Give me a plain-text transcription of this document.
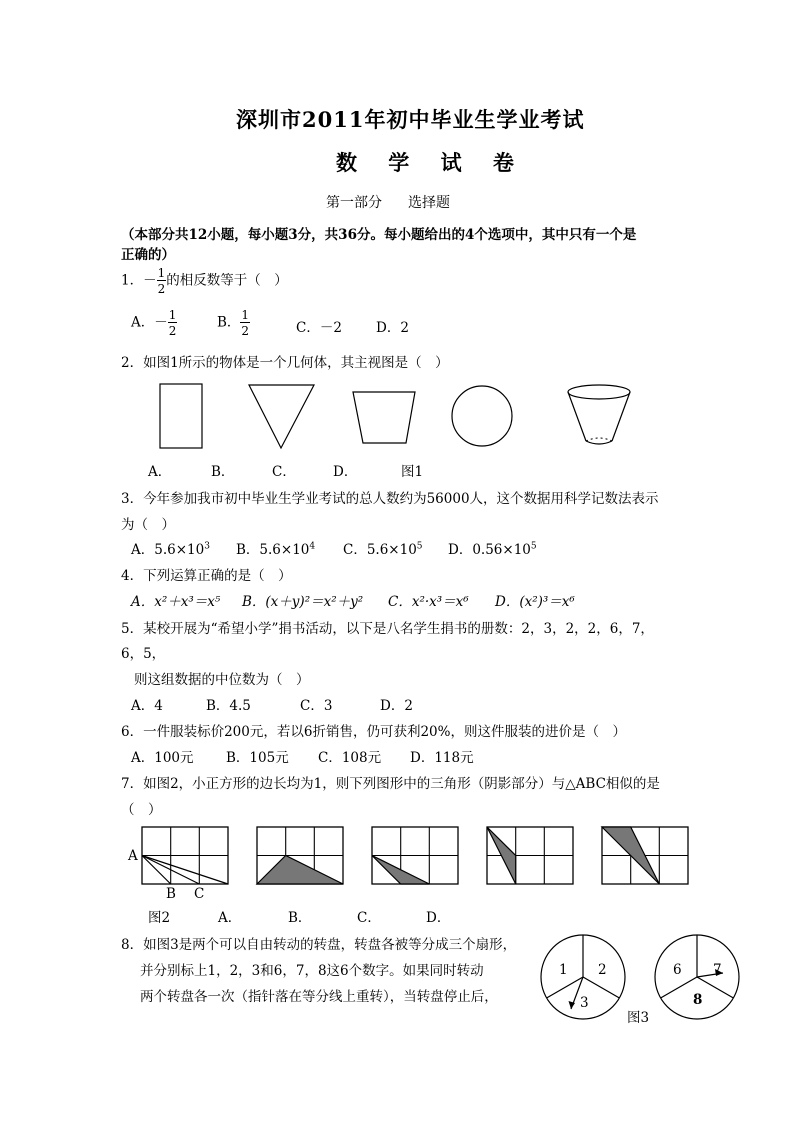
深圳市2011年初中毕业生学业考试
数 学 试 卷
第一部分 选择题
（本部分共12小题，每小题3分，共36分。每小题给出的4个选项中，其中只有一个是
正确的）
1．－ $\frac{1}{2}$ 的相反数等于（　）
A．－ $\frac{1}{2}$	B． $\frac{1}{2}$	C．－2	D．2
2．如图1所示的物体是一个几何体，其主视图是（　）
A．	B．	C．	D．	图1
3．今年参加我市初中毕业生学业考试的总人数约为56000人，这个数据用科学记数法表示
为（　）
A．$5.6\times 10^3$ B．$5.6\times 10^4$ C．$5.6\times 10^5$ D．$0.56\times 10^5$
4．下列运算正确的是（　）
A．x²＋x³＝x⁵ B．(x＋y)²＝x²＋y² C．x²·x³＝x⁶ D．(x²)³＝x⁶
5．某校开展为“希望小学”捐书活动，以下是八名学生捐书的册数：2，3，2，2，6，7，
6，5，
则这组数据的中位数为（　）
A．4	B．4.5	C．3	D．2
6．一件服装标价200元，若以6折销售，仍可获利20%，则这件服装的进价是（　）
A．100元 B．105元 C．108元 D．118元
7．如图2，小正方形的边长均为1，则下列图形中的三角形（阴影部分）与△ABC相似的是
（　）
A
B C
图2	A．	B．	C．	D．
8．如图3是两个可以自由转动的转盘，转盘各被等分成三个扇形，
并分别标上1，2，3和6，7，8这6个数字。如果同时转动
两个转盘各一次（指针落在等分线上重转），当转盘停止后，
1 2
3
6 7
8
图3
